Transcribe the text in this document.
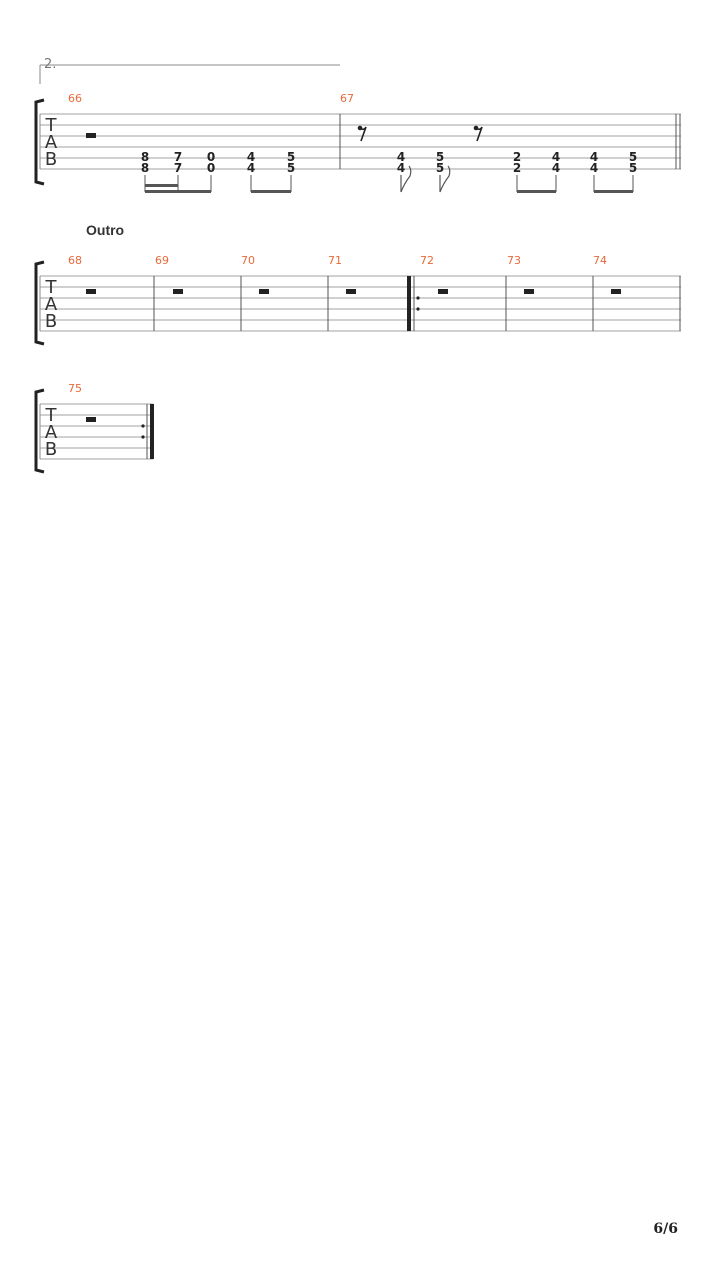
2.
Outro
T
A
B
66	67
8
8
7
7
0
0
4
4
5
5
4
4
5
5
2
2
4
4
4
4
5
5
T
A
B
68	69	70	71	72	73	74
T
A
B
75
6/6
